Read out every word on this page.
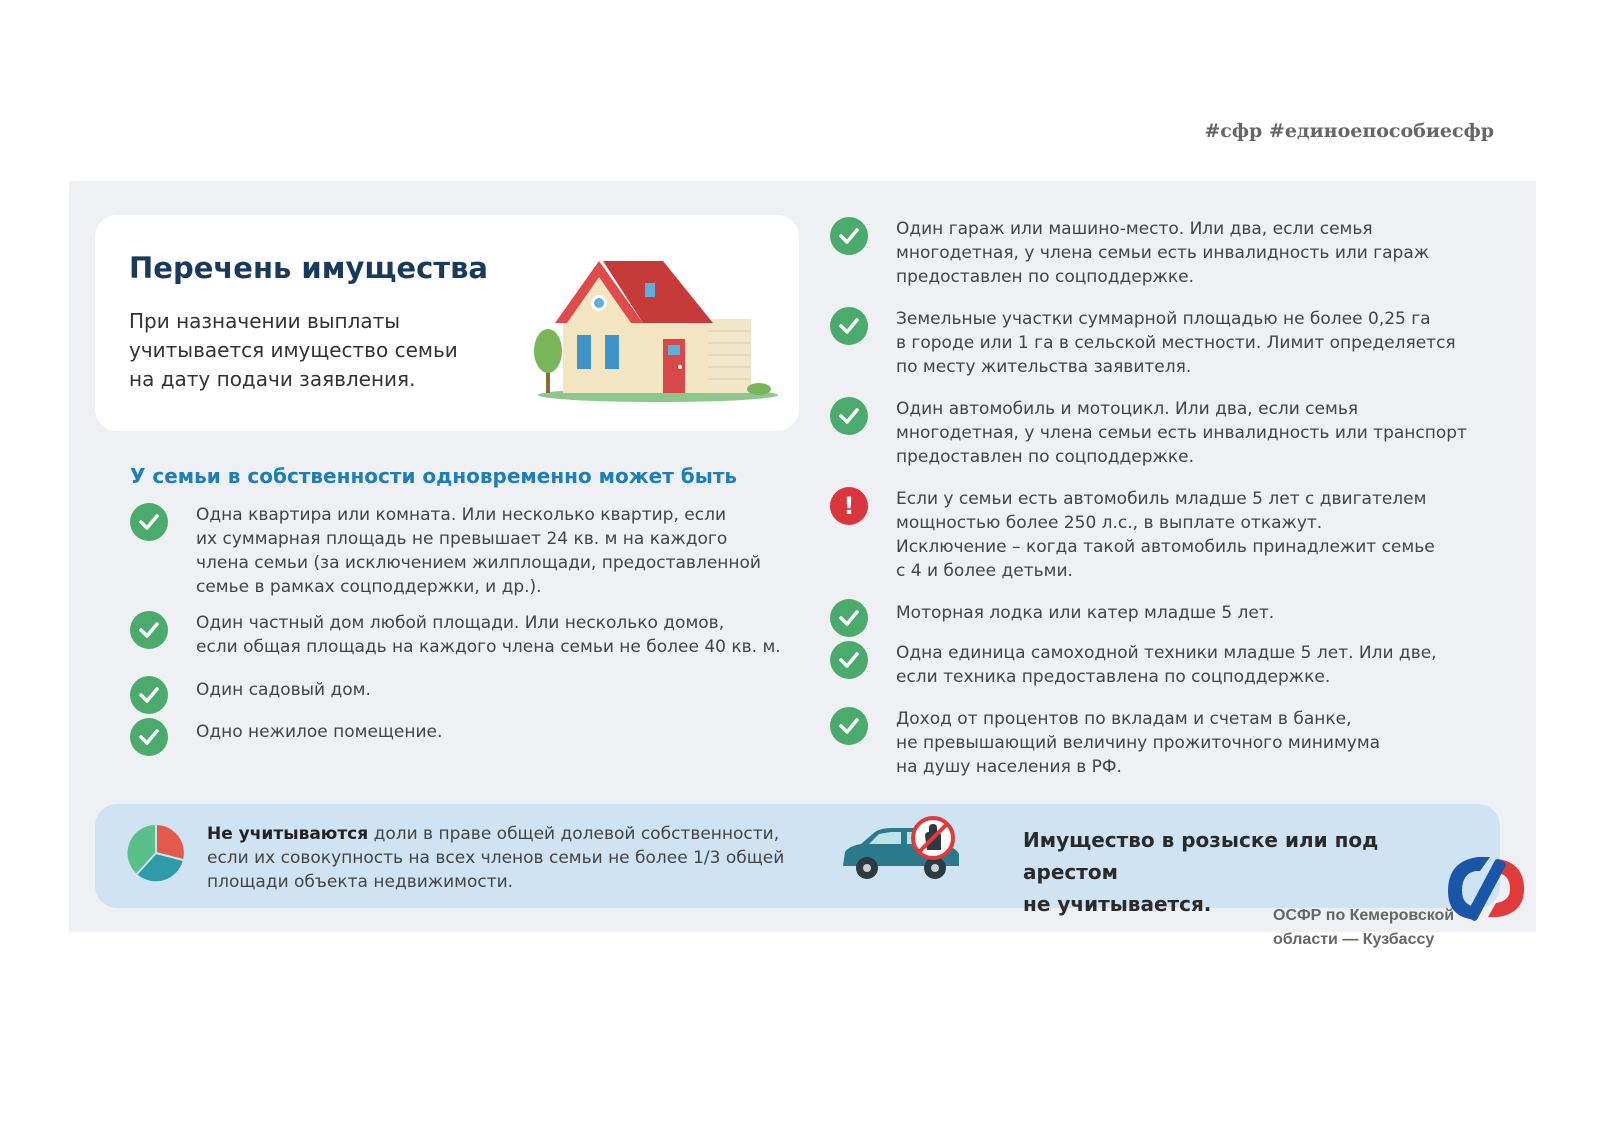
#сфр #единоепособиесфр
Перечень имущества

При назначении выплаты
учитывается имущество семьи
на дату подачи заявления.

У семьи в собственности одновременно может быть
Одна квартира или комната. Или несколько квартир, если
их суммарная площадь не превышает 24 кв. м на каждого
члена семьи (за исключением жилплощади, предоставленной
семье в рамках соцподдержки, и др.).
Один частный дом любой площади. Или несколько домов,
если общая площадь на каждого члена семьи не более 40 кв. м.
Один садовый дом.
Одно нежилое помещение.
Один гараж или машино-место. Или два, если семья
многодетная, у члена семьи есть инвалидность или гараж
предоставлен по соцподдержке.
Земельные участки суммарной площадью не более 0,25 га
в городе или 1 га в сельской местности. Лимит определяется
по месту жительства заявителя.
Один автомобиль и мотоцикл. Или два, если семья
многодетная, у члена семьи есть инвалидность или транспорт
предоставлен по соцподдержке.
!	Если у семьи есть автомобиль младше 5 лет с двигателем
мощностью более 250 л.с., в выплате откажут.
Исключение – когда такой автомобиль принадлежит семье
с 4 и более детьми.
Моторная лодка или катер младше 5 лет.
Одна единица самоходной техники младше 5 лет. Или две,
если техника предоставлена по соцподдержке.
Доход от процентов по вкладам и счетам в банке,
не превышающий величину прожиточного минимума
на душу населения в РФ.
Не учитываются доли в праве общей долевой собственности,
если их совокупность на всех членов семьи не более 1/3 общей
площади объекта недвижимости.
Имущество в розыске или под арестом
не учитывается.	ОСФР по Кемеровской
области — Кузбассу
